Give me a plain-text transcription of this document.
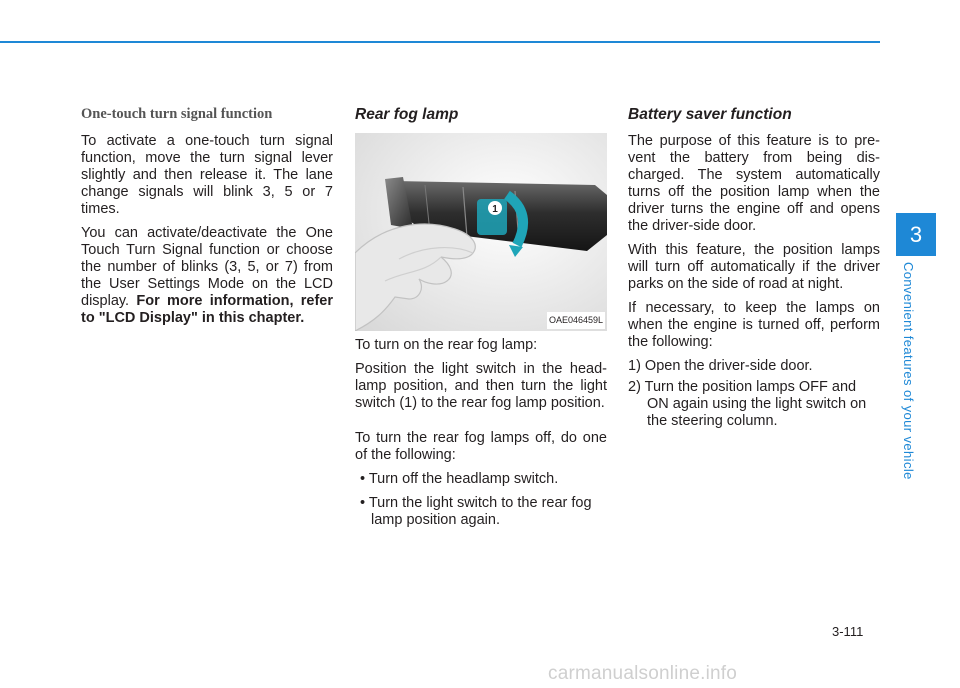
One-touch turn signal function

To activate a one-touch turn signal function, move the turn signal lever slightly and then release it. The lane change signals will blink 3, 5 or 7 times.

You can activate/deactivate the One Touch Turn Signal function or choose the number of blinks (3, 5, or 7) from the User Settings Mode on the LCD display. For more information, refer to "LCD Display" in this chapter.

Rear fog lamp
1
OAE046459L

To turn on the rear fog lamp:

Position the light switch in the head-lamp position, and then turn the light switch (1) to the rear fog lamp position.

To turn the rear fog lamps off, do one of the following:

• Turn off the headlamp switch.
• Turn the light switch to the rear fog lamp position again.
Battery saver function

The purpose of this feature is to pre-vent the battery from being dis-charged. The system automatically turns off the position lamp when the driver turns the engine off and opens the driver-side door.

With this feature, the position lamps will turn off automatically if the driver parks on the side of road at night.

If necessary, to keep the lamps on when the engine is turned off, perform the following:

1) Open the driver-side door.
2) Turn the position lamps OFF and ON again using the light switch on the steering column.
3
Convenient features of your vehicle
3-111
carmanualsonline.info
